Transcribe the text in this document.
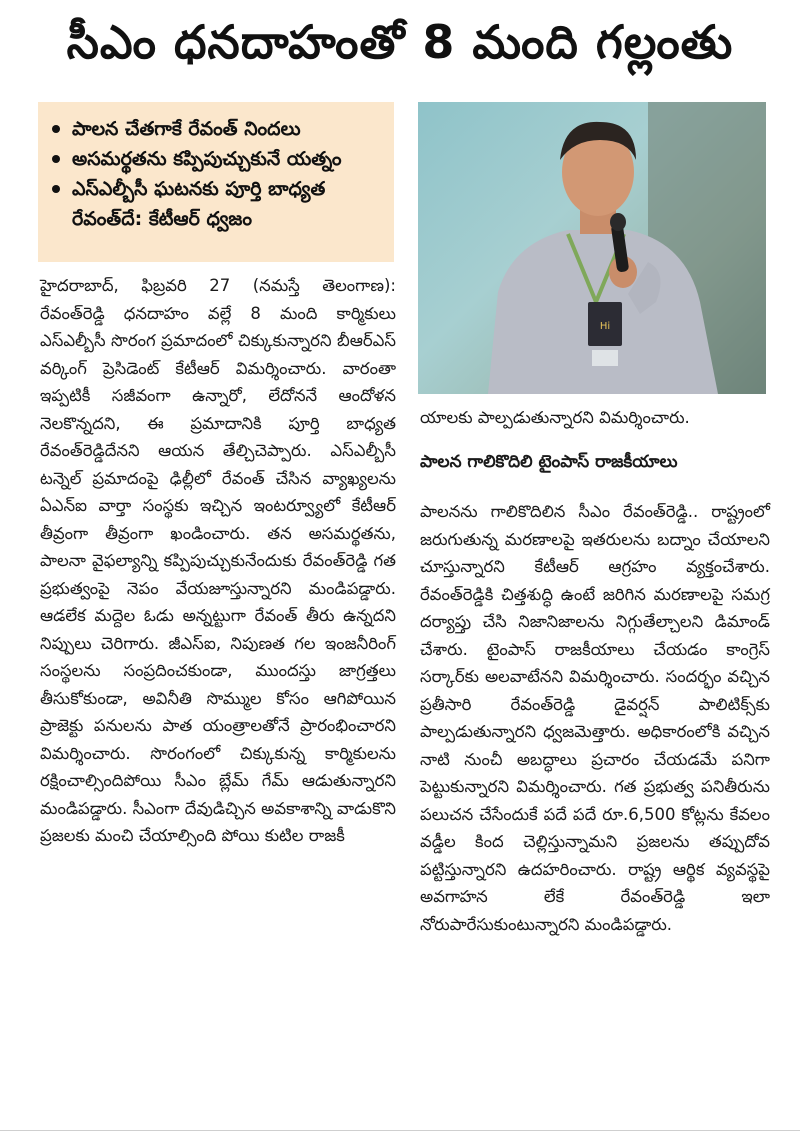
సీఎం ధనదాహంతో 8 మంది గల్లంతు
పాలన చేతగాకే రేవంత్ నిందలు
అసమర్థతను కప్పిపుచ్చుకునే యత్నం
ఎస్ఎల్బీసీ ఘటనకు పూర్తి బాధ్యత రేవంత్‌దే: కేటీఆర్ ధ్వజం
Hi

హైదరాబాద్, ఫిబ్రవరి 27 (నమస్తే తెలంగాణ): రేవంత్‌రెడ్డి ధనదాహం వల్లే 8 మంది కార్మికులు ఎస్ఎల్బీసీ సొరంగ ప్రమాదంలో చిక్కుకున్నారని బీఆర్ఎస్ వర్కింగ్ ప్రెసిడెంట్ కేటీఆర్ విమర్శించారు. వారంతా ఇప్పటికీ సజీవంగా ఉన్నారో, లేదోననే ఆందోళన నెలకొన్నదని, ఈ ప్రమాదానికి పూర్తి బాధ్యత రేవంత్‌రెడ్డిదేనని ఆయన తేల్చిచెప్పారు. ఎస్ఎల్బీసీ టన్నెల్ ప్రమాదంపై ఢిల్లీలో రేవంత్ చేసిన వ్యాఖ్యలను ఏఎన్ఐ వార్తా సంస్థకు ఇచ్చిన ఇంటర్వ్యూలో కేటీఆర్ తీవ్రంగా తీవ్రంగా ఖండించారు. తన అసమర్థతను, పాలనా వైఫల్యాన్ని కప్పిపుచ్చుకునేందుకు రేవంత్‌రెడ్డి గత ప్రభుత్వంపై నెపం వేయజూస్తున్నారని మండిపడ్డారు. ఆడలేక మద్దెల ఓడు అన్నట్టుగా రేవంత్ తీరు ఉన్నదని నిప్పులు చెరిగారు. జీఎస్ఐ, నిపుణత గల ఇంజనీరింగ్ సంస్థలను సంప్రదించకుండా, ముందస్తు జాగ్రత్తలు తీసుకోకుండా, అవినీతి సొమ్ముల కోసం ఆగిపోయిన ప్రాజెక్టు పనులను పాత యంత్రాలతోనే ప్రారంభించారని విమర్శించారు. సొరంగంలో చిక్కుకున్న కార్మికులను రక్షించాల్సిందిపోయి సీఎం బ్లేమ్ గేమ్ ఆడుతున్నారని మండిపడ్డారు. సీఎంగా దేవుడిచ్చిన అవకాశాన్ని వాడుకొని ప్రజలకు మంచి చేయాల్సింది పోయి కుటిల రాజకీ

యాలకు పాల్పడుతున్నారని విమర్శించారు.

పాలన గాలికొదిలి టైంపాస్ రాజకీయాలు

పాలనను గాలికొదిలిన సీఎం రేవంత్‌రెడ్డి.. రాష్ట్రంలో జరుగుతున్న మరణాలపై ఇతరులను బద్నాం చేయాలని చూస్తున్నారని కేటీఆర్ ఆగ్రహం వ్యక్తంచేశారు. రేవంత్‌రెడ్డికి చిత్తశుద్ధి ఉంటే జరిగిన మరణాలపై సమగ్ర దర్యాప్తు చేసి నిజానిజాలను నిగ్గుతేల్చాలని డిమాండ్ చేశారు. టైంపాస్ రాజకీయాలు చేయడం కాంగ్రెస్ సర్కార్‌కు అలవాటేనని విమర్శించారు. సందర్భం వచ్చిన ప్రతీసారి రేవంత్‌రెడ్డి డైవర్షన్ పాలిటిక్స్‌కు పాల్పడుతున్నారని ధ్వజమెత్తారు. అధికారంలోకి వచ్చిన నాటి నుంచీ అబద్ధాలు ప్రచారం చేయడమే పనిగా పెట్టుకున్నారని విమర్శించారు. గత ప్రభుత్వ పనితీరును పలుచన చేసేందుకే పదే పదే రూ.6,500 కోట్లను కేవలం వడ్డీల కింద చెల్లిస్తున్నామని ప్రజలను తప్పుదోవ పట్టిస్తున్నారని ఉదహరించారు. రాష్ట్ర ఆర్థిక వ్యవస్థపై అవగాహన లేకే రేవంత్‌రెడ్డి ఇలా నోరుపారేసుకుంటున్నారని మండిపడ్డారు.
